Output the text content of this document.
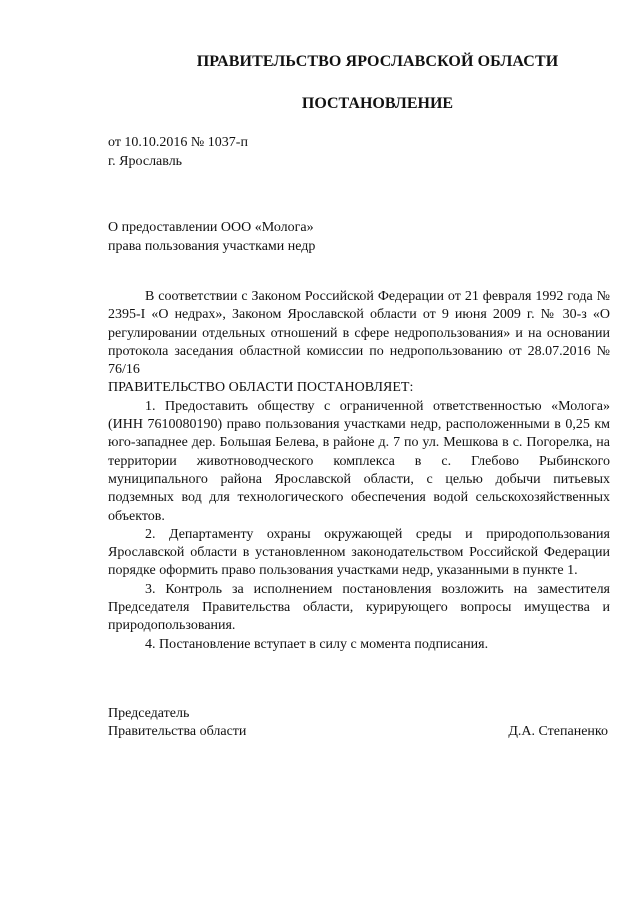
ПРАВИТЕЛЬСТВО ЯРОСЛАВСКОЙ ОБЛАСТИ
ПОСТАНОВЛЕНИЕ
от 10.10.2016 № 1037-п
г. Ярославль
О предоставлении ООО «Молога»
права пользования участками недр

В соответствии с Законом Российской Федерации от 21 февраля 1992 года № 2395-I «О недрах», Законом Ярославской области от 9 июня 2009 г. № 30-з «О регулировании отдельных отношений в сфере недропользования» и на основании протокола заседания областной комиссии по недропользованию от 28.07.2016 № 76/16

ПРАВИТЕЛЬСТВО ОБЛАСТИ ПОСТАНОВЛЯЕТ:

1. Предоставить обществу с ограниченной ответственностью «Молога» (ИНН 7610080190) право пользования участками недр, расположенными в 0,25 км юго-западнее дер. Большая Белева, в районе д. 7 по ул. Мешкова в с. Погорелка, на территории животноводческого комплекса в с. Глебово Рыбинского муниципального района Ярославской области, с целью добычи питьевых подземных вод для технологического обеспечения водой сельскохозяйственных объектов.

2. Департаменту охраны окружающей среды и природопользования Ярославской области в установленном законодательством Российской Федерации порядке оформить право пользования участками недр, указанными в пункте 1.

3. Контроль за исполнением постановления возложить на заместителя Председателя Правительства области, курирующего вопросы имущества и природопользования.

4. Постановление вступает в силу с момента подписания.

Председатель
Правительства области	Д.А. Степаненко
